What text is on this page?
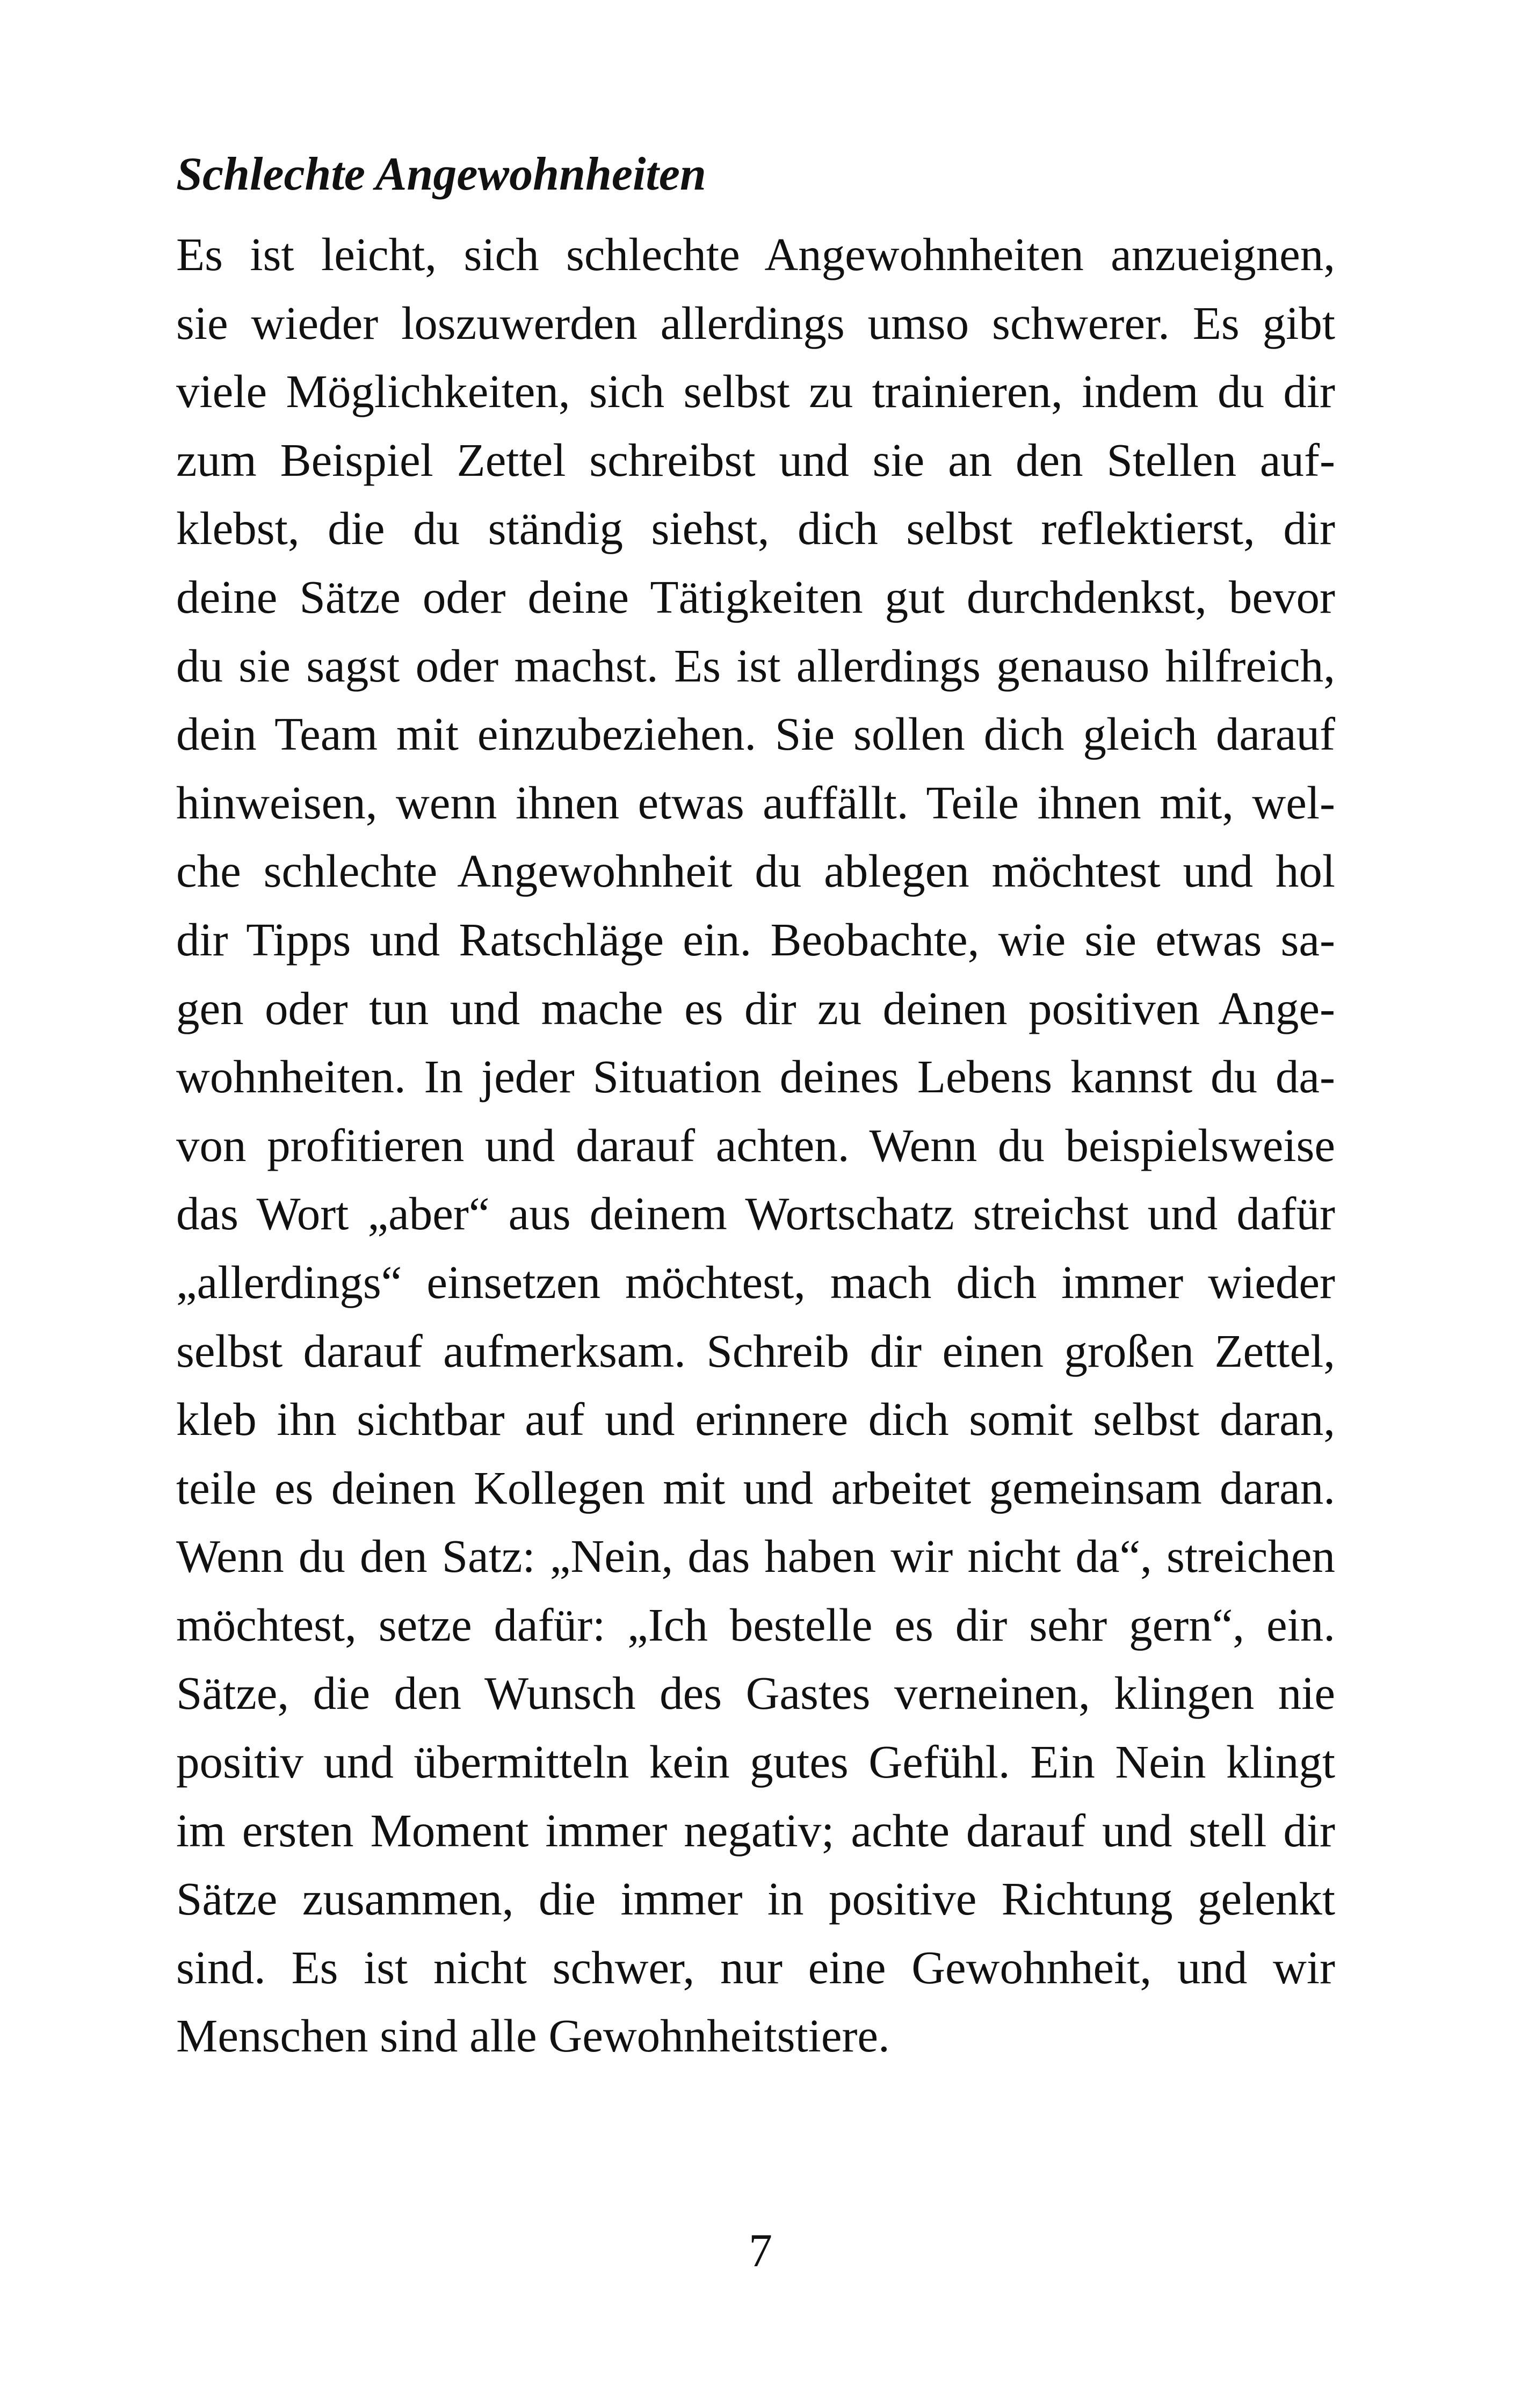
Schlechte Angewohnheiten
Es ist leicht, sich schlechte Angewohnheiten anzueignen,
sie wieder loszuwerden allerdings umso schwerer. Es gibt
viele Möglichkeiten, sich selbst zu trainieren, indem du dir
zum Beispiel Zettel schreibst und sie an den Stellen auf-
klebst, die du ständig siehst, dich selbst reflektierst, dir
deine Sätze oder deine Tätigkeiten gut durchdenkst, bevor
du sie sagst oder machst. Es ist allerdings genauso hilfreich,
dein Team mit einzubeziehen. Sie sollen dich gleich darauf
hinweisen, wenn ihnen etwas auffällt. Teile ihnen mit, wel-
che schlechte Angewohnheit du ablegen möchtest und hol
dir Tipps und Ratschläge ein. Beobachte, wie sie etwas sa-
gen oder tun und mache es dir zu deinen positiven Ange-
wohnheiten. In jeder Situation deines Lebens kannst du da-
von profitieren und darauf achten. Wenn du beispielsweise
das Wort „aber“ aus deinem Wortschatz streichst und dafür
„allerdings“ einsetzen möchtest, mach dich immer wieder
selbst darauf aufmerksam. Schreib dir einen großen Zettel,
kleb ihn sichtbar auf und erinnere dich somit selbst daran,
teile es deinen Kollegen mit und arbeitet gemeinsam daran.
Wenn du den Satz: „Nein, das haben wir nicht da“, streichen
möchtest, setze dafür: „Ich bestelle es dir sehr gern“, ein.
Sätze, die den Wunsch des Gastes verneinen, klingen nie
positiv und übermitteln kein gutes Gefühl. Ein Nein klingt
im ersten Moment immer negativ; achte darauf und stell dir
Sätze zusammen, die immer in positive Richtung gelenkt
sind. Es ist nicht schwer, nur eine Gewohnheit, und wir
Menschen sind alle Gewohnheitstiere.
7
